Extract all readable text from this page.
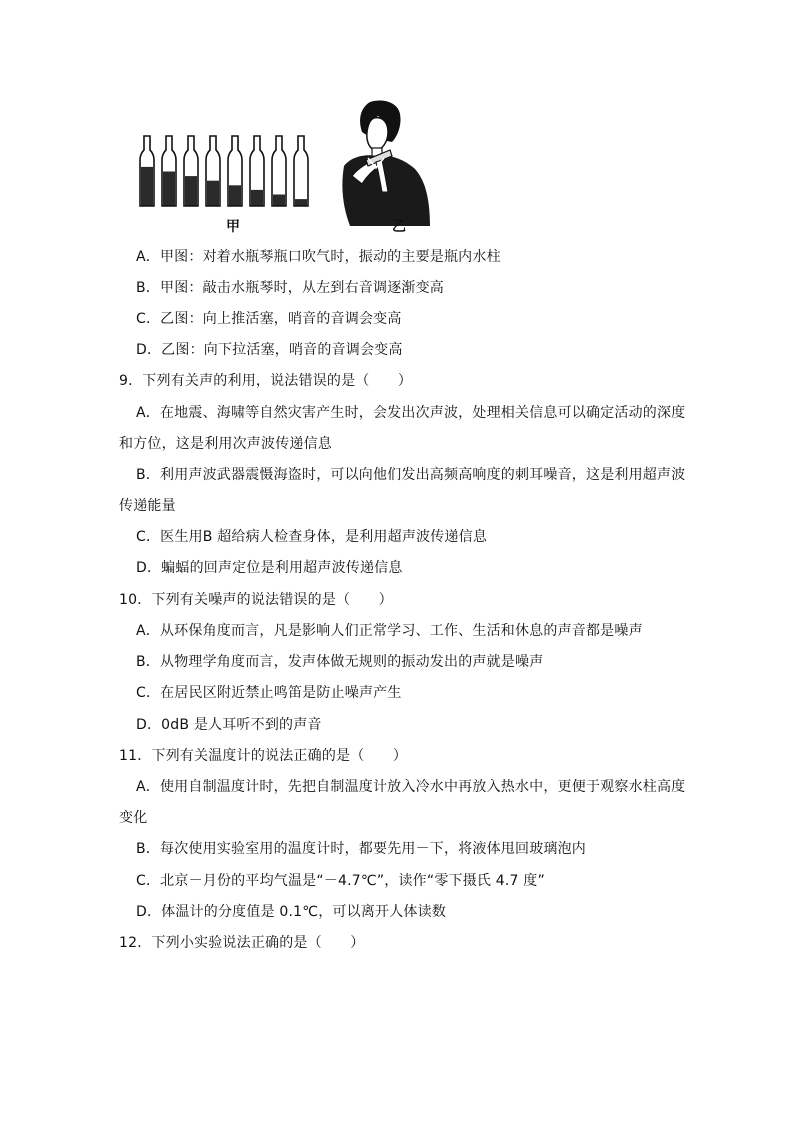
甲	乙
A．甲图：对着水瓶琴瓶口吹气时，振动的主要是瓶内水柱
B．甲图：敲击水瓶琴时，从左到右音调逐渐变高
C．乙图：向上推活塞，哨音的音调会变高
D．乙图：向下拉活塞，哨音的音调会变高
9．下列有关声的利用，说法错误的是（　　）
A．在地震、海啸等自然灾害产生时，会发出次声波，处理相关信息可以确定活动的深度
和方位，这是利用次声波传递信息
B．利用声波武器震慑海盗时，可以向他们发出高频高响度的刺耳噪音，这是利用超声波
传递能量
C．医生用B 超给病人检查身体，是利用超声波传递信息
D．蝙蝠的回声定位是利用超声波传递信息
10．下列有关噪声的说法错误的是（　　）
A．从环保角度而言，凡是影响人们正常学习、工作、生活和休息的声音都是噪声
B．从物理学角度而言，发声体做无规则的振动发出的声就是噪声
C．在居民区附近禁止鸣笛是防止噪声产生
D．0dB 是人耳听不到的声音
11．下列有关温度计的说法正确的是（　　）
A．使用自制温度计时，先把自制温度计放入冷水中再放入热水中，更便于观察水柱高度
变化
B．每次使用实验室用的温度计时，都要先用－下，将液体甩回玻璃泡内
C．北京－月份的平均气温是“－4.7℃”，读作“零下摄氏 4.7 度”
D．体温计的分度值是 0.1℃，可以离开人体读数
12．下列小实验说法正确的是（　　）
